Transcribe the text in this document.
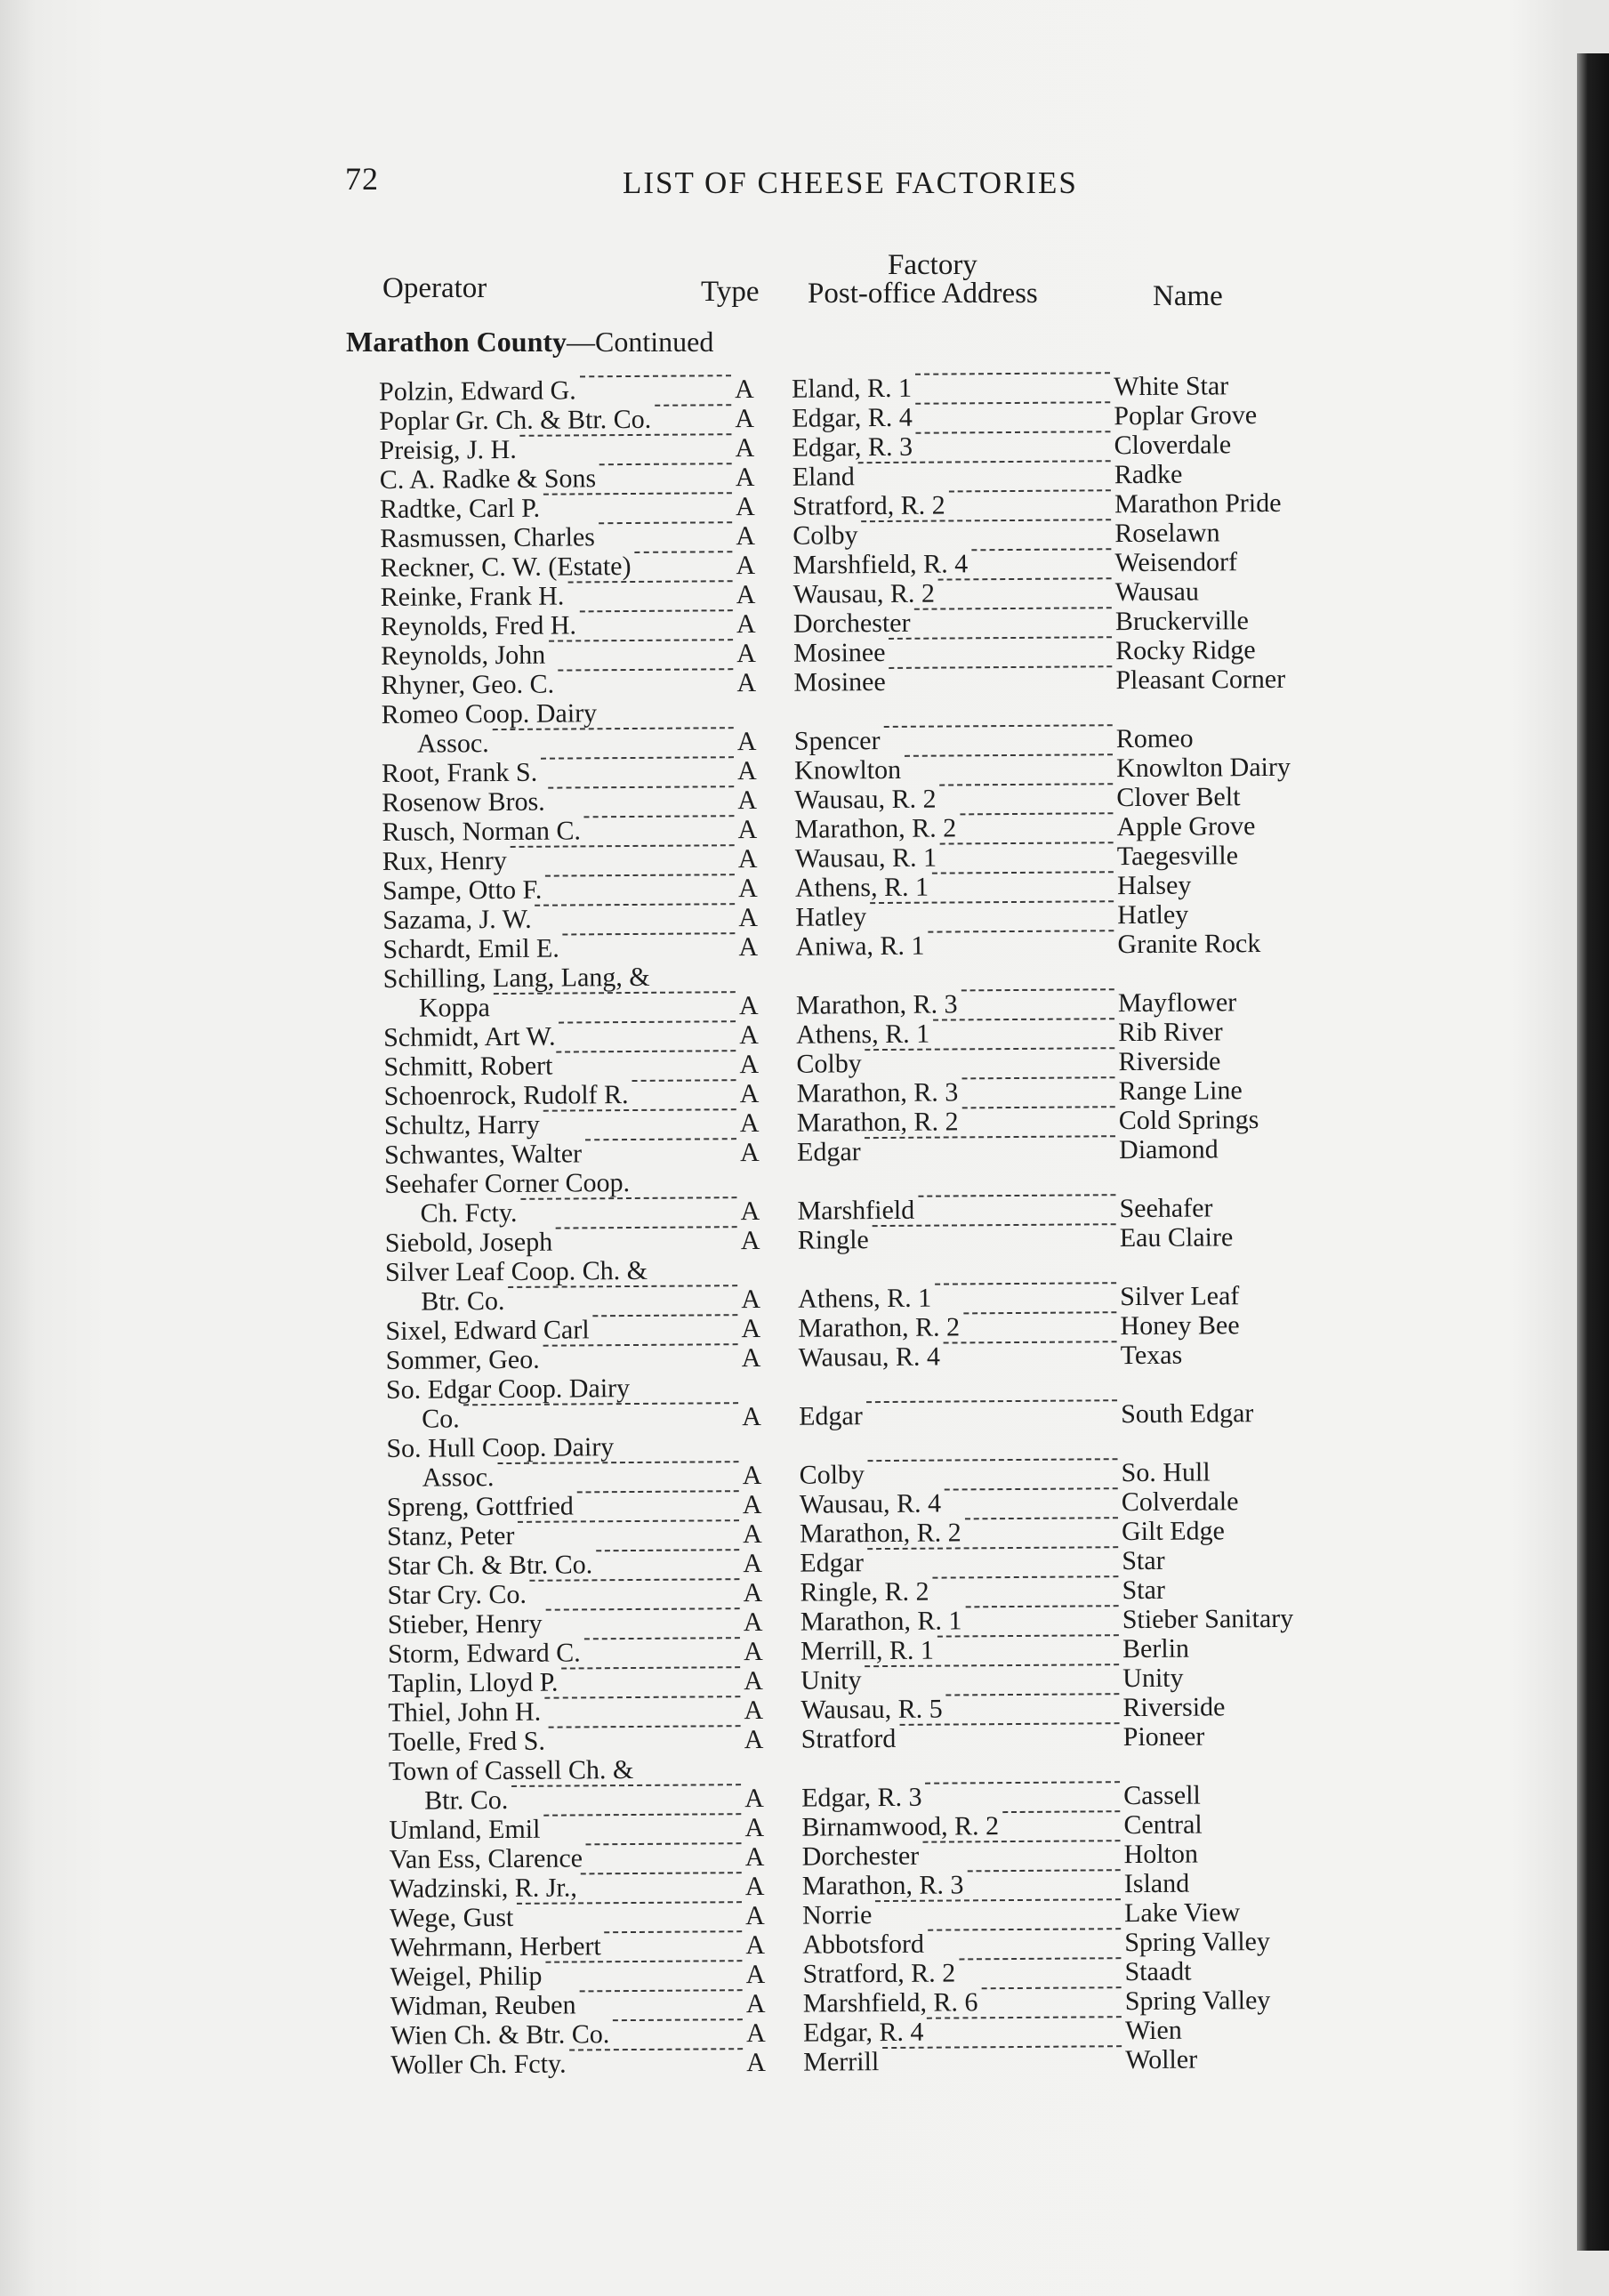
72	LIST OF CHEESE FACTORIES
Operator	Type
Factory
Post-office Address	Name
Marathon County—Continued
Polzin, Edward G.	A Eland, R. 1	White Star
Poplar Gr. Ch. & Btr. Co.	A Edgar, R. 4	Poplar Grove
Preisig, J. H.	A Edgar, R. 3	Cloverdale
C. A. Radke & Sons	A Eland	Radke
Radtke, Carl P.	A Stratford, R. 2	Marathon Pride
Rasmussen, Charles	A Colby	Roselawn
Reckner, C. W. (Estate)	A Marshfield, R. 4	Weisendorf
Reinke, Frank H.	A Wausau, R. 2	Wausau
Reynolds, Fred H.	A Dorchester	Bruckerville
Reynolds, John	A Mosinee	Rocky Ridge
Rhyner, Geo. C.	A Mosinee	Pleasant Corner
Romeo Coop. Dairy
Assoc.	A Spencer	Romeo
Root, Frank S.	A Knowlton	Knowlton Dairy
Rosenow Bros.	A Wausau, R. 2	Clover Belt
Rusch, Norman C.	A Marathon, R. 2	Apple Grove
Rux, Henry	A Wausau, R. 1	Taegesville
Sampe, Otto F.	A Athens, R. 1	Halsey
Sazama, J. W.	A Hatley	Hatley
Schardt, Emil E.	A Aniwa, R. 1	Granite Rock
Schilling, Lang, Lang, &
Koppa	A Marathon, R. 3	Mayflower
Schmidt, Art W.	A Athens, R. 1	Rib River
Schmitt, Robert	A Colby	Riverside
Schoenrock, Rudolf R.	A Marathon, R. 3	Range Line
Schultz, Harry	A Marathon, R. 2	Cold Springs
Schwantes, Walter	A Edgar	Diamond
Seehafer Corner Coop.
Ch. Fcty.	A Marshfield	Seehafer
Siebold, Joseph	A Ringle	Eau Claire
Silver Leaf Coop. Ch. &
Btr. Co.	A Athens, R. 1	Silver Leaf
Sixel, Edward Carl	A Marathon, R. 2	Honey Bee
Sommer, Geo.	A Wausau, R. 4	Texas
So. Edgar Coop. Dairy
Co.	A Edgar	South Edgar
So. Hull Coop. Dairy
Assoc.	A Colby	So. Hull
Spreng, Gottfried	A Wausau, R. 4	Colverdale
Stanz, Peter	A Marathon, R. 2	Gilt Edge
Star Ch. & Btr. Co.	A Edgar	Star
Star Cry. Co.	A Ringle, R. 2	Star
Stieber, Henry	A Marathon, R. 1	Stieber Sanitary
Storm, Edward C.	A Merrill, R. 1	Berlin
Taplin, Lloyd P.	A Unity	Unity
Thiel, John H.	A Wausau, R. 5	Riverside
Toelle, Fred S.	A Stratford	Pioneer
Town of Cassell Ch. &
Btr. Co.	A Edgar, R. 3	Cassell
Umland, Emil	A Birnamwood, R. 2	Central
Van Ess, Clarence	A Dorchester	Holton
Wadzinski, R. Jr.,	A Marathon, R. 3	Island
Wege, Gust	A Norrie	Lake View
Wehrmann, Herbert	A Abbotsford	Spring Valley
Weigel, Philip	A Stratford, R. 2	Staadt
Widman, Reuben	A Marshfield, R. 6	Spring Valley
Wien Ch. & Btr. Co.	A Edgar, R. 4	Wien
Woller Ch. Fcty.	A Merrill	Woller
